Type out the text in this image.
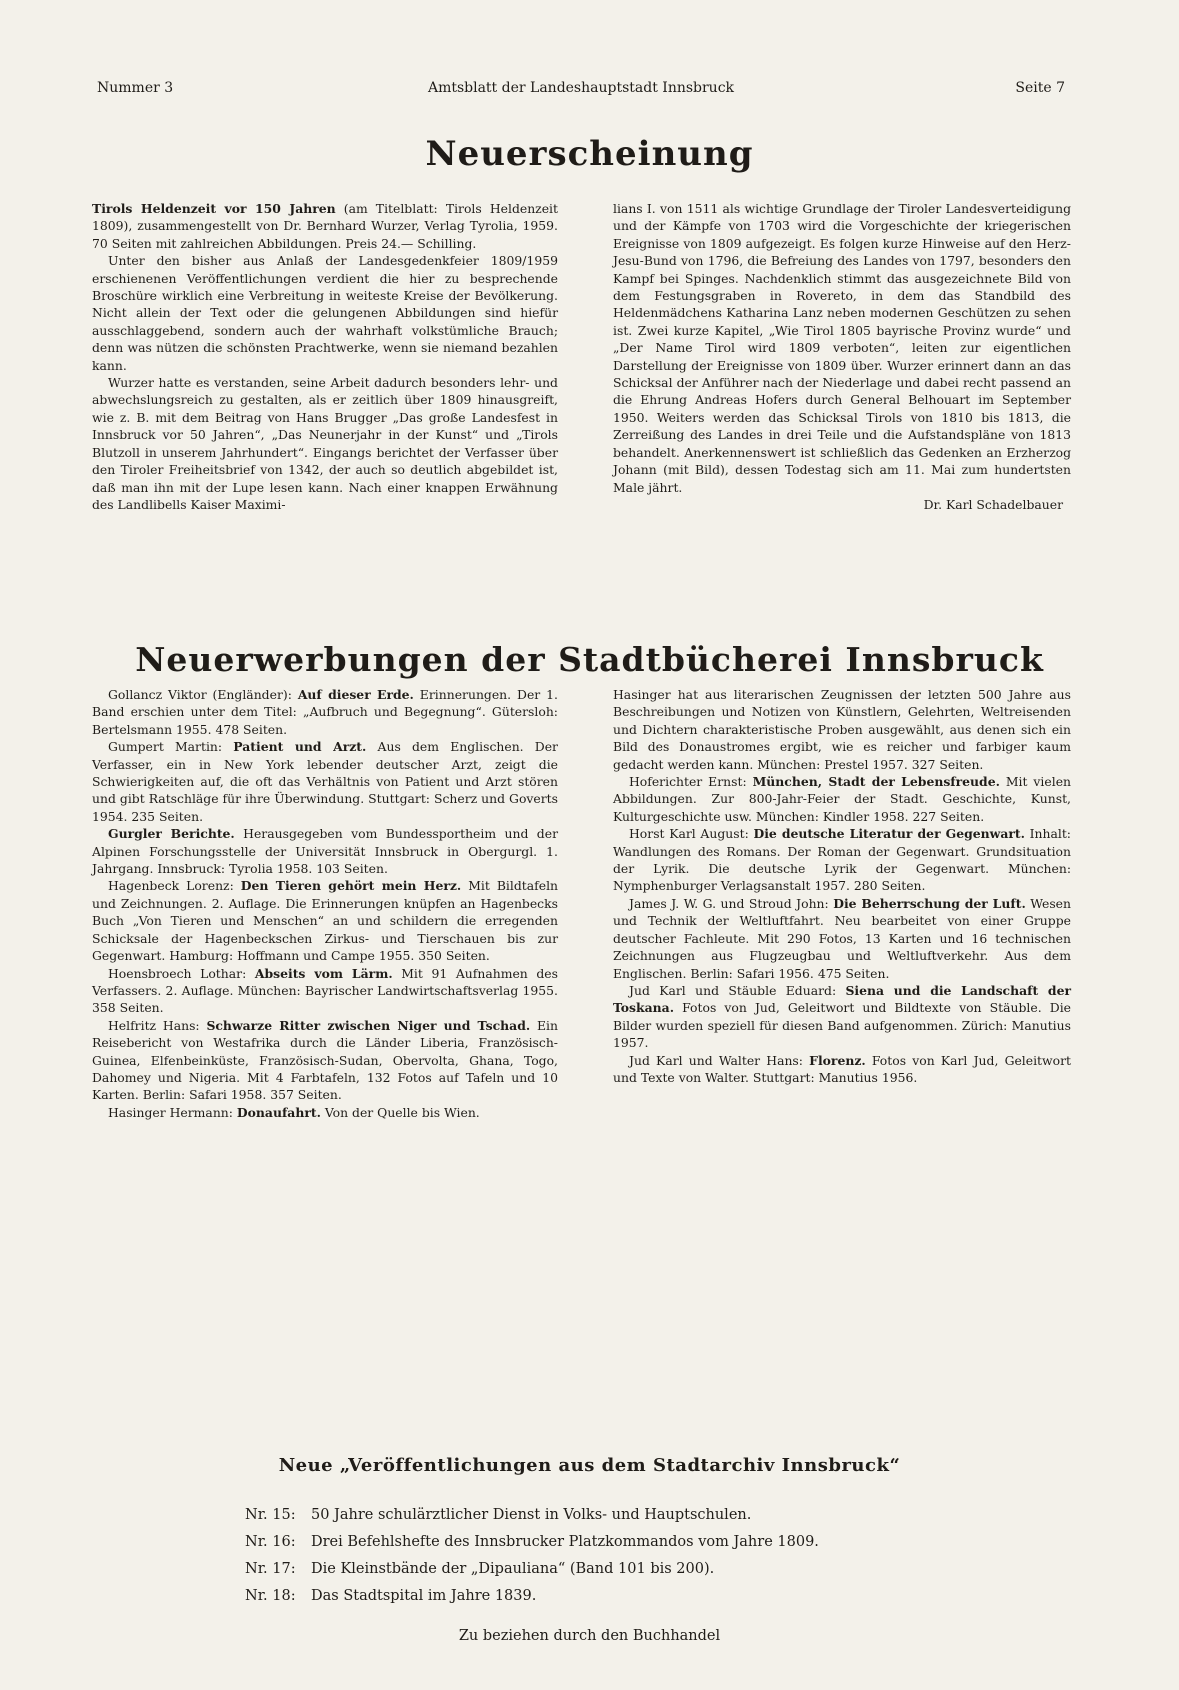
Nummer 3	Amtsblatt der Landeshauptstadt Innsbruck	Seite 7
Neuerscheinung

Tirols Heldenzeit vor 150 Jahren (am Titelblatt: Tirols Heldenzeit 1809), zusammengestellt von Dr. Bernhard Wurzer, Verlag Tyrolia, 1959. 70 Seiten mit zahlreichen Abbildungen. Preis 24.— Schilling.

Unter den bisher aus Anlaß der Landesgedenkfeier 1809/1959 erschienenen Veröffentlichungen verdient die hier zu besprechende Broschüre wirklich eine Verbreitung in weiteste Kreise der Bevölkerung. Nicht allein der Text oder die gelungenen Abbildungen sind hiefür ausschlaggebend, sondern auch der wahrhaft volkstümliche Brauch; denn was nützen die schönsten Prachtwerke, wenn sie niemand bezahlen kann.

Wurzer hatte es verstanden, seine Arbeit dadurch besonders lehr- und abwechslungsreich zu gestalten, als er zeitlich über 1809 hinausgreift, wie z. B. mit dem Beitrag von Hans Brugger „Das große Landesfest in Innsbruck vor 50 Jahren“, „Das Neunerjahr in der Kunst“ und „Tirols Blutzoll in unserem Jahrhundert“. Eingangs berichtet der Verfasser über den Tiroler Freiheitsbrief von 1342, der auch so deutlich abgebildet ist, daß man ihn mit der Lupe lesen kann. Nach einer knappen Erwähnung des Landlibells Kaiser Maximi-

lians I. von 1511 als wichtige Grundlage der Tiroler Landesverteidigung und der Kämpfe von 1703 wird die Vorgeschichte der kriegerischen Ereignisse von 1809 aufgezeigt. Es folgen kurze Hinweise auf den Herz-Jesu-Bund von 1796, die Befreiung des Landes von 1797, besonders den Kampf bei Spinges. Nachdenklich stimmt das ausgezeichnete Bild von dem Festungsgraben in Rovereto, in dem das Standbild des Heldenmädchens Katharina Lanz neben modernen Geschützen zu sehen ist. Zwei kurze Kapitel, „Wie Tirol 1805 bayrische Provinz wurde“ und „Der Name Tirol wird 1809 verboten“, leiten zur eigentlichen Darstellung der Ereignisse von 1809 über. Wurzer erinnert dann an das Schicksal der Anführer nach der Niederlage und dabei recht passend an die Ehrung Andreas Hofers durch General Belhouart im September 1950. Weiters werden das Schicksal Tirols von 1810 bis 1813, die Zerreißung des Landes in drei Teile und die Aufstandspläne von 1813 behandelt. Anerkennenswert ist schließlich das Gedenken an Erzherzog Johann (mit Bild), dessen Todestag sich am 11. Mai zum hundertsten Male jährt.

Dr. Karl Schadelbauer

Neuerwerbungen der Stadtbücherei Innsbruck

Gollancz Viktor (Engländer): Auf dieser Erde. Erinnerungen. Der 1. Band erschien unter dem Titel: „Aufbruch und Begegnung“. Gütersloh: Bertelsmann 1955. 478 Seiten.

Gumpert Martin: Patient und Arzt. Aus dem Englischen. Der Verfasser, ein in New York lebender deutscher Arzt, zeigt die Schwierigkeiten auf, die oft das Verhältnis von Patient und Arzt stören und gibt Ratschläge für ihre Überwindung. Stuttgart: Scherz und Goverts 1954. 235 Seiten.

Gurgler Berichte. Herausgegeben vom Bundessportheim und der Alpinen Forschungsstelle der Universität Innsbruck in Obergurgl. 1. Jahrgang. Innsbruck: Tyrolia 1958. 103 Seiten.

Hagenbeck Lorenz: Den Tieren gehört mein Herz. Mit Bildtafeln und Zeichnungen. 2. Auflage. Die Erinnerungen knüpfen an Hagenbecks Buch „Von Tieren und Menschen“ an und schildern die erregenden Schicksale der Hagenbeckschen Zirkus- und Tierschauen bis zur Gegenwart. Hamburg: Hoffmann und Campe 1955. 350 Seiten.

Hoensbroech Lothar: Abseits vom Lärm. Mit 91 Aufnahmen des Verfassers. 2. Auflage. München: Bayrischer Landwirtschaftsverlag 1955. 358 Seiten.

Helfritz Hans: Schwarze Ritter zwischen Niger und Tschad. Ein Reisebericht von Westafrika durch die Länder Liberia, Französisch-Guinea, Elfenbeinküste, Französisch-Sudan, Obervolta, Ghana, Togo, Dahomey und Nigeria. Mit 4 Farbtafeln, 132 Fotos auf Tafeln und 10 Karten. Berlin: Safari 1958. 357 Seiten.

Hasinger Hermann: Donaufahrt. Von der Quelle bis Wien.

Hasinger hat aus literarischen Zeugnissen der letzten 500 Jahre aus Beschreibungen und Notizen von Künstlern, Gelehrten, Weltreisenden und Dichtern charakteristische Proben ausgewählt, aus denen sich ein Bild des Donaustromes ergibt, wie es reicher und farbiger kaum gedacht werden kann. München: Prestel 1957. 327 Seiten.

Hoferichter Ernst: München, Stadt der Lebensfreude. Mit vielen Abbildungen. Zur 800-Jahr-Feier der Stadt. Geschichte, Kunst, Kulturgeschichte usw. München: Kindler 1958. 227 Seiten.

Horst Karl August: Die deutsche Literatur der Gegenwart. Inhalt: Wandlungen des Romans. Der Roman der Gegenwart. Grundsituation der Lyrik. Die deutsche Lyrik der Gegenwart. München: Nymphenburger Verlagsanstalt 1957. 280 Seiten.

James J. W. G. und Stroud John: Die Beherrschung der Luft. Wesen und Technik der Weltluftfahrt. Neu bearbeitet von einer Gruppe deutscher Fachleute. Mit 290 Fotos, 13 Karten und 16 technischen Zeichnungen aus Flugzeugbau und Weltluftverkehr. Aus dem Englischen. Berlin: Safari 1956. 475 Seiten.

Jud Karl und Stäuble Eduard: Siena und die Landschaft der Toskana. Fotos von Jud, Geleitwort und Bildtexte von Stäuble. Die Bilder wurden speziell für diesen Band aufgenommen. Zürich: Manutius 1957.

Jud Karl und Walter Hans: Florenz. Fotos von Karl Jud, Geleitwort und Texte von Walter. Stuttgart: Manutius 1956.

Neue „Veröffentlichungen aus dem Stadtarchiv Innsbruck“
Nr. 15: 50 Jahre schulärztlicher Dienst in Volks- und Hauptschulen.
Nr. 16: Drei Befehlshefte des Innsbrucker Platzkommandos vom Jahre 1809.
Nr. 17: Die Kleinstbände der „Dipauliana“ (Band 101 bis 200).
Nr. 18: Das Stadtspital im Jahre 1839.
Zu beziehen durch den Buchhandel
